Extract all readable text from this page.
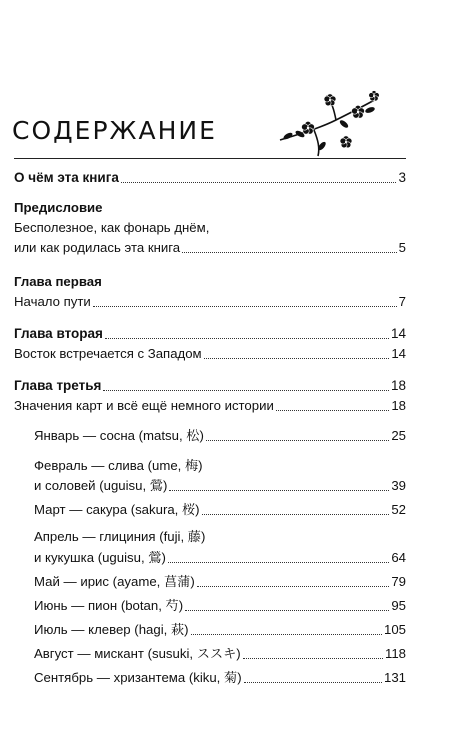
СОДЕРЖАНИЕ
О чём эта книга	3
Предисловие
Бесполезное, как фонарь днём,
или как родилась эта книга	5
Глава первая
Начало пути	7
Глава вторая	14
Восток встречается с Западом	14
Глава третья	18
Значения карт и всё ещё немного истории	18
Январь — сосна (matsu, 松)	25
Февраль — слива (ume, 梅)
и соловей (uguisu, 鶯)	39
Март — сакура (sakura, 桜)	52
Апрель — глициния (fuji, 藤)
и кукушка (uguisu, 鶯)	64
Май — ирис (ayame, 菖蒲)	79
Июнь — пион (botan, 芍)	95
Июль — клевер (hagi, 萩)	105
Август — мискант (susuki, ススキ)	118
Сентябрь — хризантема (kiku, 菊)	131
